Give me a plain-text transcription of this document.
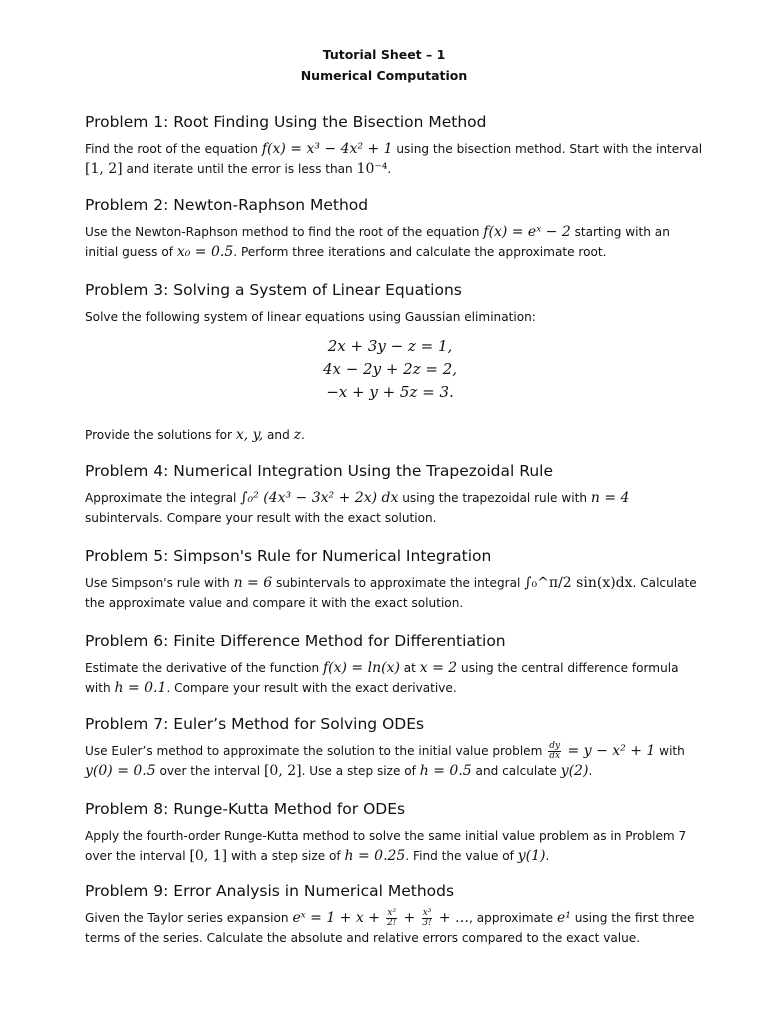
Tutorial Sheet – 1
Numerical Computation
Problem 1: Root Finding Using the Bisection Method
Find the root of the equation f(x) = x³ − 4x² + 1 using the bisection method. Start with the interval [1, 2] and iterate until the error is less than 10⁻⁴.
Problem 2: Newton-Raphson Method
Use the Newton-Raphson method to find the root of the equation f(x) = eˣ − 2 starting with an initial guess of x₀ = 0.5. Perform three iterations and calculate the approximate root.
Problem 3: Solving a System of Linear Equations
Solve the following system of linear equations using Gaussian elimination:
2x + 3y − z = 1,
4x − 2y + 2z = 2,
−x + y + 5z = 3.
Provide the solutions for x, y, and z.
Problem 4: Numerical Integration Using the Trapezoidal Rule
Approximate the integral ∫₀² (4x³ − 3x² + 2x) dx using the trapezoidal rule with n = 4 subintervals. Compare your result with the exact solution.
Problem 5: Simpson's Rule for Numerical Integration
Use Simpson's rule with n = 6 subintervals to approximate the integral ∫₀^π/2 sin(x)dx. Calculate the approximate value and compare it with the exact solution.
Problem 6: Finite Difference Method for Differentiation
Estimate the derivative of the function f(x) = ln(x) at x = 2 using the central difference formula with h = 0.1. Compare your result with the exact derivative.
Problem 7: Euler’s Method for Solving ODEs
Use Euler’s method to approximate the solution to the initial value problem $\frac{dy}{dx} = y - x^2 + 1$ with y(0) = 0.5 over the interval [0, 2]. Use a step size of h = 0.5 and calculate y(2).
Problem 8: Runge-Kutta Method for ODEs
Apply the fourth-order Runge-Kutta method to solve the same initial value problem as in Problem 7 over the interval [0, 1] with a step size of h = 0.25. Find the value of y(1).
Problem 9: Error Analysis in Numerical Methods
Given the Taylor series expansion eˣ = $1 + x + \frac{\text{x²}}{2!} + \frac{\text{x³}}{3!}$ + …, approximate e¹ using the first three terms of the series. Calculate the absolute and relative errors compared to the exact value.
